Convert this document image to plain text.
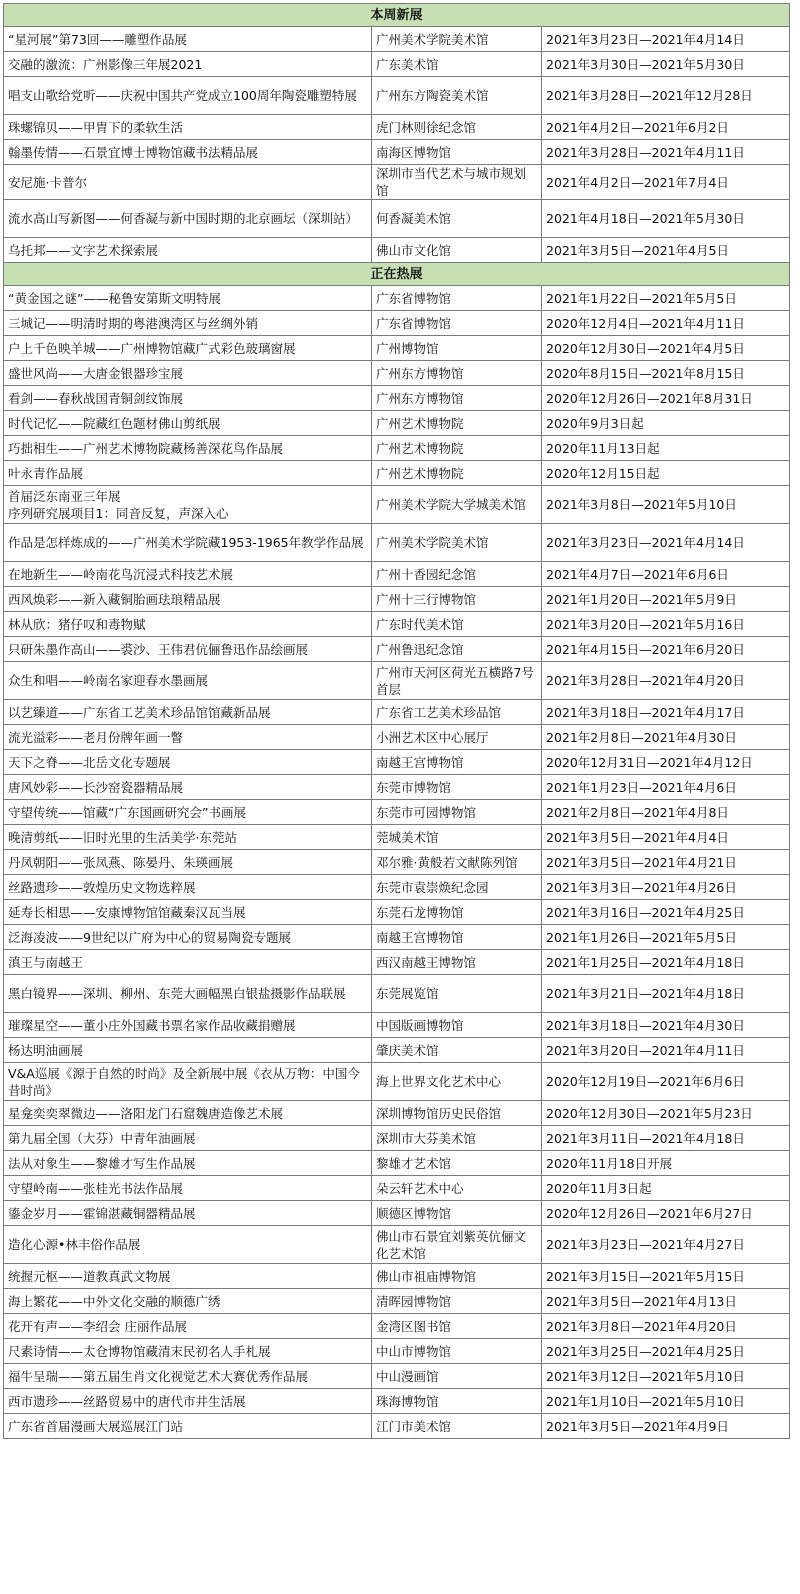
本周新展		
“星河展”第73回——雕塑作品展	广州美术学院美术馆	2021年3月23日—2021年4月14日
交融的激流：广州影像三年展2021	广东美术馆	2021年3月30日—2021年5月30日
唱支山歌给党听——庆祝中国共产党成立100周年陶瓷雕塑特展	广州东方陶瓷美术馆	2021年3月28日—2021年12月28日
珠螺锦贝——甲胄下的柔软生活	虎门林则徐纪念馆	2021年4月2日—2021年6月2日
翰墨传情——石景宜博士博物馆藏书法精品展	南海区博物馆	2021年3月28日—2021年4月11日
安尼施·卡普尔	深圳市当代艺术与城市规划馆	2021年4月2日—2021年7月4日
流水高山写新图——何香凝与新中国时期的北京画坛（深圳站）	何香凝美术馆	2021年4月18日—2021年5月30日
乌托邦——文字艺术探索展	佛山市文化馆	2021年3月5日—2021年4月5日
正在热展		
“黄金国之谜”——秘鲁安第斯文明特展	广东省博物馆	2021年1月22日—2021年5月5日
三城记——明清时期的粤港澳湾区与丝绸外销	广东省博物馆	2020年12月4日—2021年4月11日
户上千色映羊城——广州博物馆藏广式彩色玻璃窗展	广州博物馆	2020年12月30日—2021年4月5日
盛世风尚——大唐金银器珍宝展	广州东方博物馆	2020年8月15日—2021年8月15日
看剑——春秋战国青铜剑纹饰展	广州东方博物馆	2020年12月26日—2021年8月31日
时代记忆——院藏红色题材佛山剪纸展	广州艺术博物院	2020年9月3日起
巧拙相生——广州艺术博物院藏杨善深花鸟作品展	广州艺术博物院	2020年11月13日起
叶永青作品展	广州艺术博物院	2020年12月15日起
首届泛东南亚三年展
序列研究展项目1：同音反复，声深入心	广州美术学院大学城美术馆	2021年3月8日—2021年5月10日
作品是怎样炼成的——广州美术学院藏1953-1965年教学作品展	广州美术学院美术馆	2021年3月23日—2021年4月14日
在地新生——岭南花鸟沉浸式科技艺术展	广州十香园纪念馆	2021年4月7日—2021年6月6日
西风焕彩——新入藏铜胎画珐琅精品展	广州十三行博物馆	2021年1月20日—2021年5月9日
林从欣：猪仔叹和毒物赋	广东时代美术馆	2021年3月20日—2021年5月16日
只研朱墨作高山——裘沙、王伟君伉俪鲁迅作品绘画展	广州鲁迅纪念馆	2021年4月15日—2021年6月20日
众生和唱——岭南名家迎春水墨画展	广州市天河区荷光五横路7号首层	2021年3月28日—2021年4月20日
以艺臻道——广东省工艺美术珍品馆馆藏新品展	广东省工艺美术珍品馆	2021年3月18日—2021年4月17日
流光溢彩——老月份牌年画一瞥	小洲艺术区中心展厅	2021年2月8日—2021年4月30日
天下之脊——北岳文化专题展	南越王宫博物馆	2020年12月31日—2021年4月12日
唐风妙彩——长沙窑瓷器精品展	东莞市博物馆	2021年1月23日—2021年4月6日
守望传统——馆藏“广东国画研究会”书画展	东莞市可园博物馆	2021年2月8日—2021年4月8日
晚清剪纸——旧时光里的生活美学·东莞站	莞城美术馆	2021年3月5日—2021年4月4日
丹凤朝阳——张凤燕、陈晏丹、朱瑛画展	邓尔雅·黄般若文献陈列馆	2021年3月5日—2021年4月21日
丝路遗珍——敦煌历史文物选粹展	东莞市袁崇焕纪念园	2021年3月3日—2021年4月26日
延寿长相思——安康博物馆馆藏秦汉瓦当展	东莞石龙博物馆	2021年3月16日—2021年4月25日
泛海凌波——9世纪以广府为中心的贸易陶瓷专题展	南越王宫博物馆	2021年1月26日—2021年5月5日
滇王与南越王	西汉南越王博物馆	2021年1月25日—2021年4月18日
黑白镜界——深圳、柳州、东莞大画幅黑白银盐摄影作品联展	东莞展览馆	2021年3月21日—2021年4月18日
璀璨星空——董小庄外国藏书票名家作品收藏捐赠展	中国版画博物馆	2021年3月18日—2021年4月30日
杨达明油画展	肇庆美术馆	2021年3月20日—2021年4月11日
V&A巡展《源于自然的时尚》及全新展中展《衣从万物：中国今昔时尚》	海上世界文化艺术中心	2020年12月19日—2021年6月6日
星龛奕奕翠微边——洛阳龙门石窟魏唐造像艺术展	深圳博物馆历史民俗馆	2020年12月30日—2021年5月23日
第九届全国（大芬）中青年油画展	深圳市大芬美术馆	2021年3月11日—2021年4月18日
法从对象生——黎雄才写生作品展	黎雄才艺术馆	2020年11月18日开展
守望岭南——张桂光书法作品展	朵云轩艺术中心	2020年11月3日起
鎏金岁月——霍锦湛藏铜器精品展	顺德区博物馆	2020年12月26日—2021年6月27日
造化心源•林丰俗作品展	佛山市石景宜刘紫英伉俪文化艺术馆	2021年3月23日—2021年4月27日
统握元枢——道教真武文物展	佛山市祖庙博物馆	2021年3月15日—2021年5月15日
海上繁花——中外文化交融的顺德广绣	清晖园博物馆	2021年3月5日—2021年4月13日
花开有声——李绍会 庄丽作品展	金湾区图书馆	2021年3月8日—2021年4月20日
尺素诗情——太仓博物馆藏清末民初名人手札展	中山市博物馆	2021年3月25日—2021年4月25日
福牛呈瑞——第五届生肖文化视觉艺术大赛优秀作品展	中山漫画馆	2021年3月12日—2021年5月10日
西市遗珍——丝路贸易中的唐代市井生活展	珠海博物馆	2021年1月10日—2021年5月10日
广东省首届漫画大展巡展江门站	江门市美术馆	2021年3月5日—2021年4月9日
